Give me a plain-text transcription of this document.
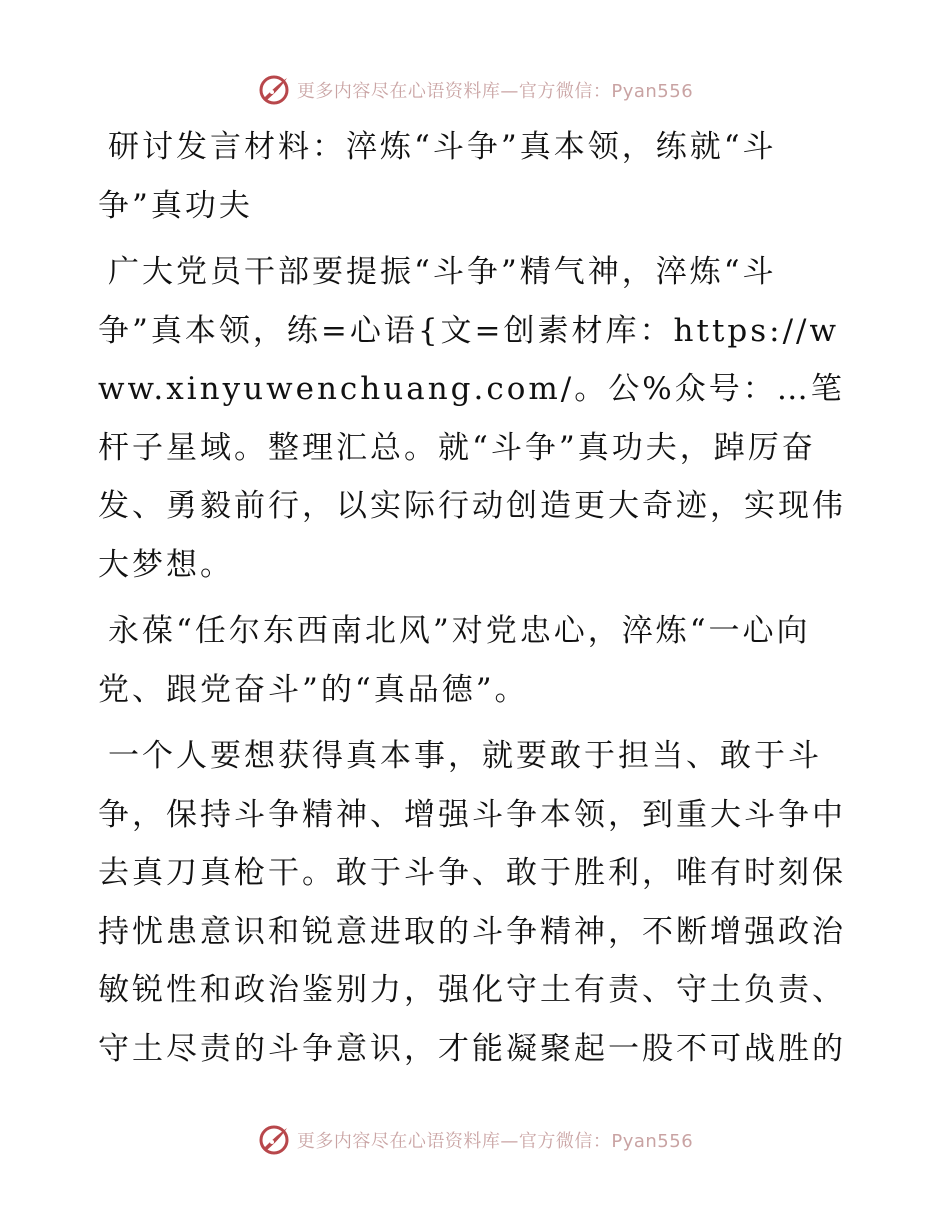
更多内容尽在心语资料库—官方微信：Pyan556

研讨发言材料：淬炼“斗争”真本领，练就“斗争”真功夫

广大党员干部要提振“斗争”精气神，淬炼“斗争”真本领，练=心语{文=创素材库：https://www.xinyuwenchuang.com/。公%众号：…笔杆子星域。整理汇总。就“斗争”真功夫，踔厉奋发、勇毅前行，以实际行动创造更大奇迹，实现伟大梦想。

永葆“任尔东西南北风”对党忠心，淬炼“一心向党、跟党奋斗”的“真品德”。

一个人要想获得真本事，就要敢于担当、敢于斗争，保持斗争精神、增强斗争本领，到重大斗争中去真刀真枪干。敢于斗争、敢于胜利，唯有时刻保持忧患意识和锐意进取的斗争精神，不断增强政治敏锐性和政治鉴别力，强化守土有责、守土负责、守土尽责的斗争意识，才能凝聚起一股不可战胜的

更多内容尽在心语资料库—官方微信：Pyan556
